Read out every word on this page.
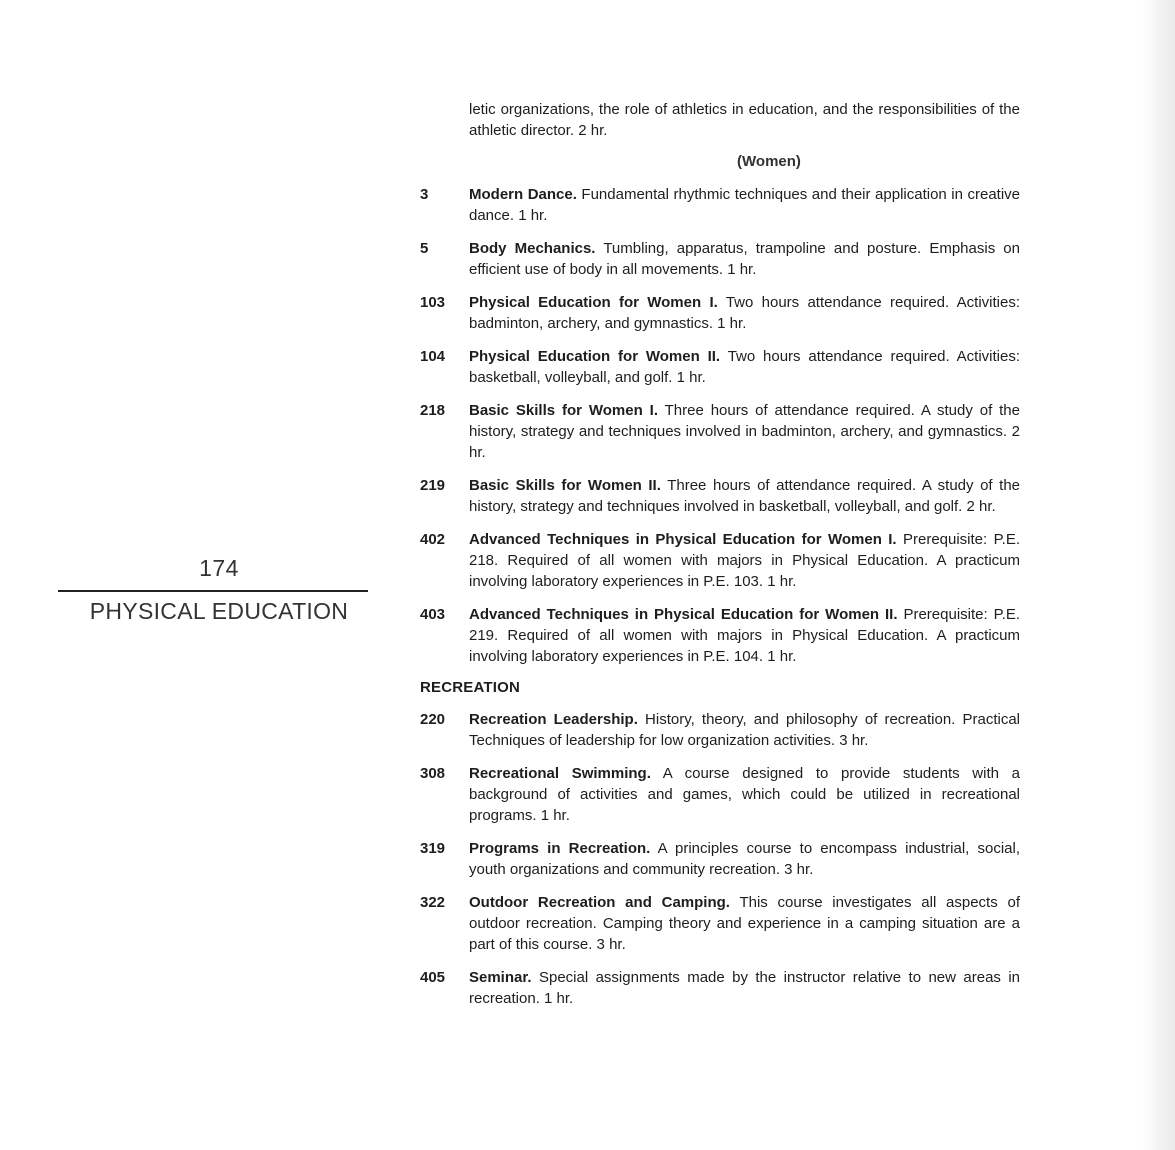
174
PHYSICAL EDUCATION
letic organizations, the role of athletics in education, and the responsibilities of the athletic director. 2 hr.
(Women)
3	Modern Dance. Fundamental rhythmic techniques and their application in creative dance. 1 hr.
5	Body Mechanics. Tumbling, apparatus, trampoline and posture. Emphasis on efficient use of body in all movements. 1 hr.
103	Physical Education for Women I. Two hours attendance required. Activities: badminton, archery, and gymnastics. 1 hr.
104	Physical Education for Women II. Two hours attendance required. Activities: basketball, volleyball, and golf. 1 hr.
218	Basic Skills for Women I. Three hours of attendance required. A study of the history, strategy and techniques involved in badminton, archery, and gymnastics. 2 hr.
219	Basic Skills for Women II. Three hours of attendance required. A study of the history, strategy and techniques involved in basketball, volleyball, and golf. 2 hr.
402	Advanced Techniques in Physical Education for Women I. Prerequisite: P.E. 218. Required of all women with majors in Physical Education. A practicum involving laboratory experiences in P.E. 103. 1 hr.
403	Advanced Techniques in Physical Education for Women II. Prerequisite: P.E. 219. Required of all women with majors in Physical Education. A practicum involving laboratory experiences in P.E. 104. 1 hr.
RECREATION
220	Recreation Leadership. History, theory, and philosophy of recreation. Practical Techniques of leadership for low organization activities. 3 hr.
308	Recreational Swimming. A course designed to provide students with a background of activities and games, which could be utilized in recreational programs. 1 hr.
319	Programs in Recreation. A principles course to encompass industrial, social, youth organizations and community recreation. 3 hr.
322	Outdoor Recreation and Camping. This course investigates all aspects of outdoor recreation. Camping theory and experience in a camping situation are a part of this course. 3 hr.
405	Seminar. Special assignments made by the instructor relative to new areas in recreation. 1 hr.
